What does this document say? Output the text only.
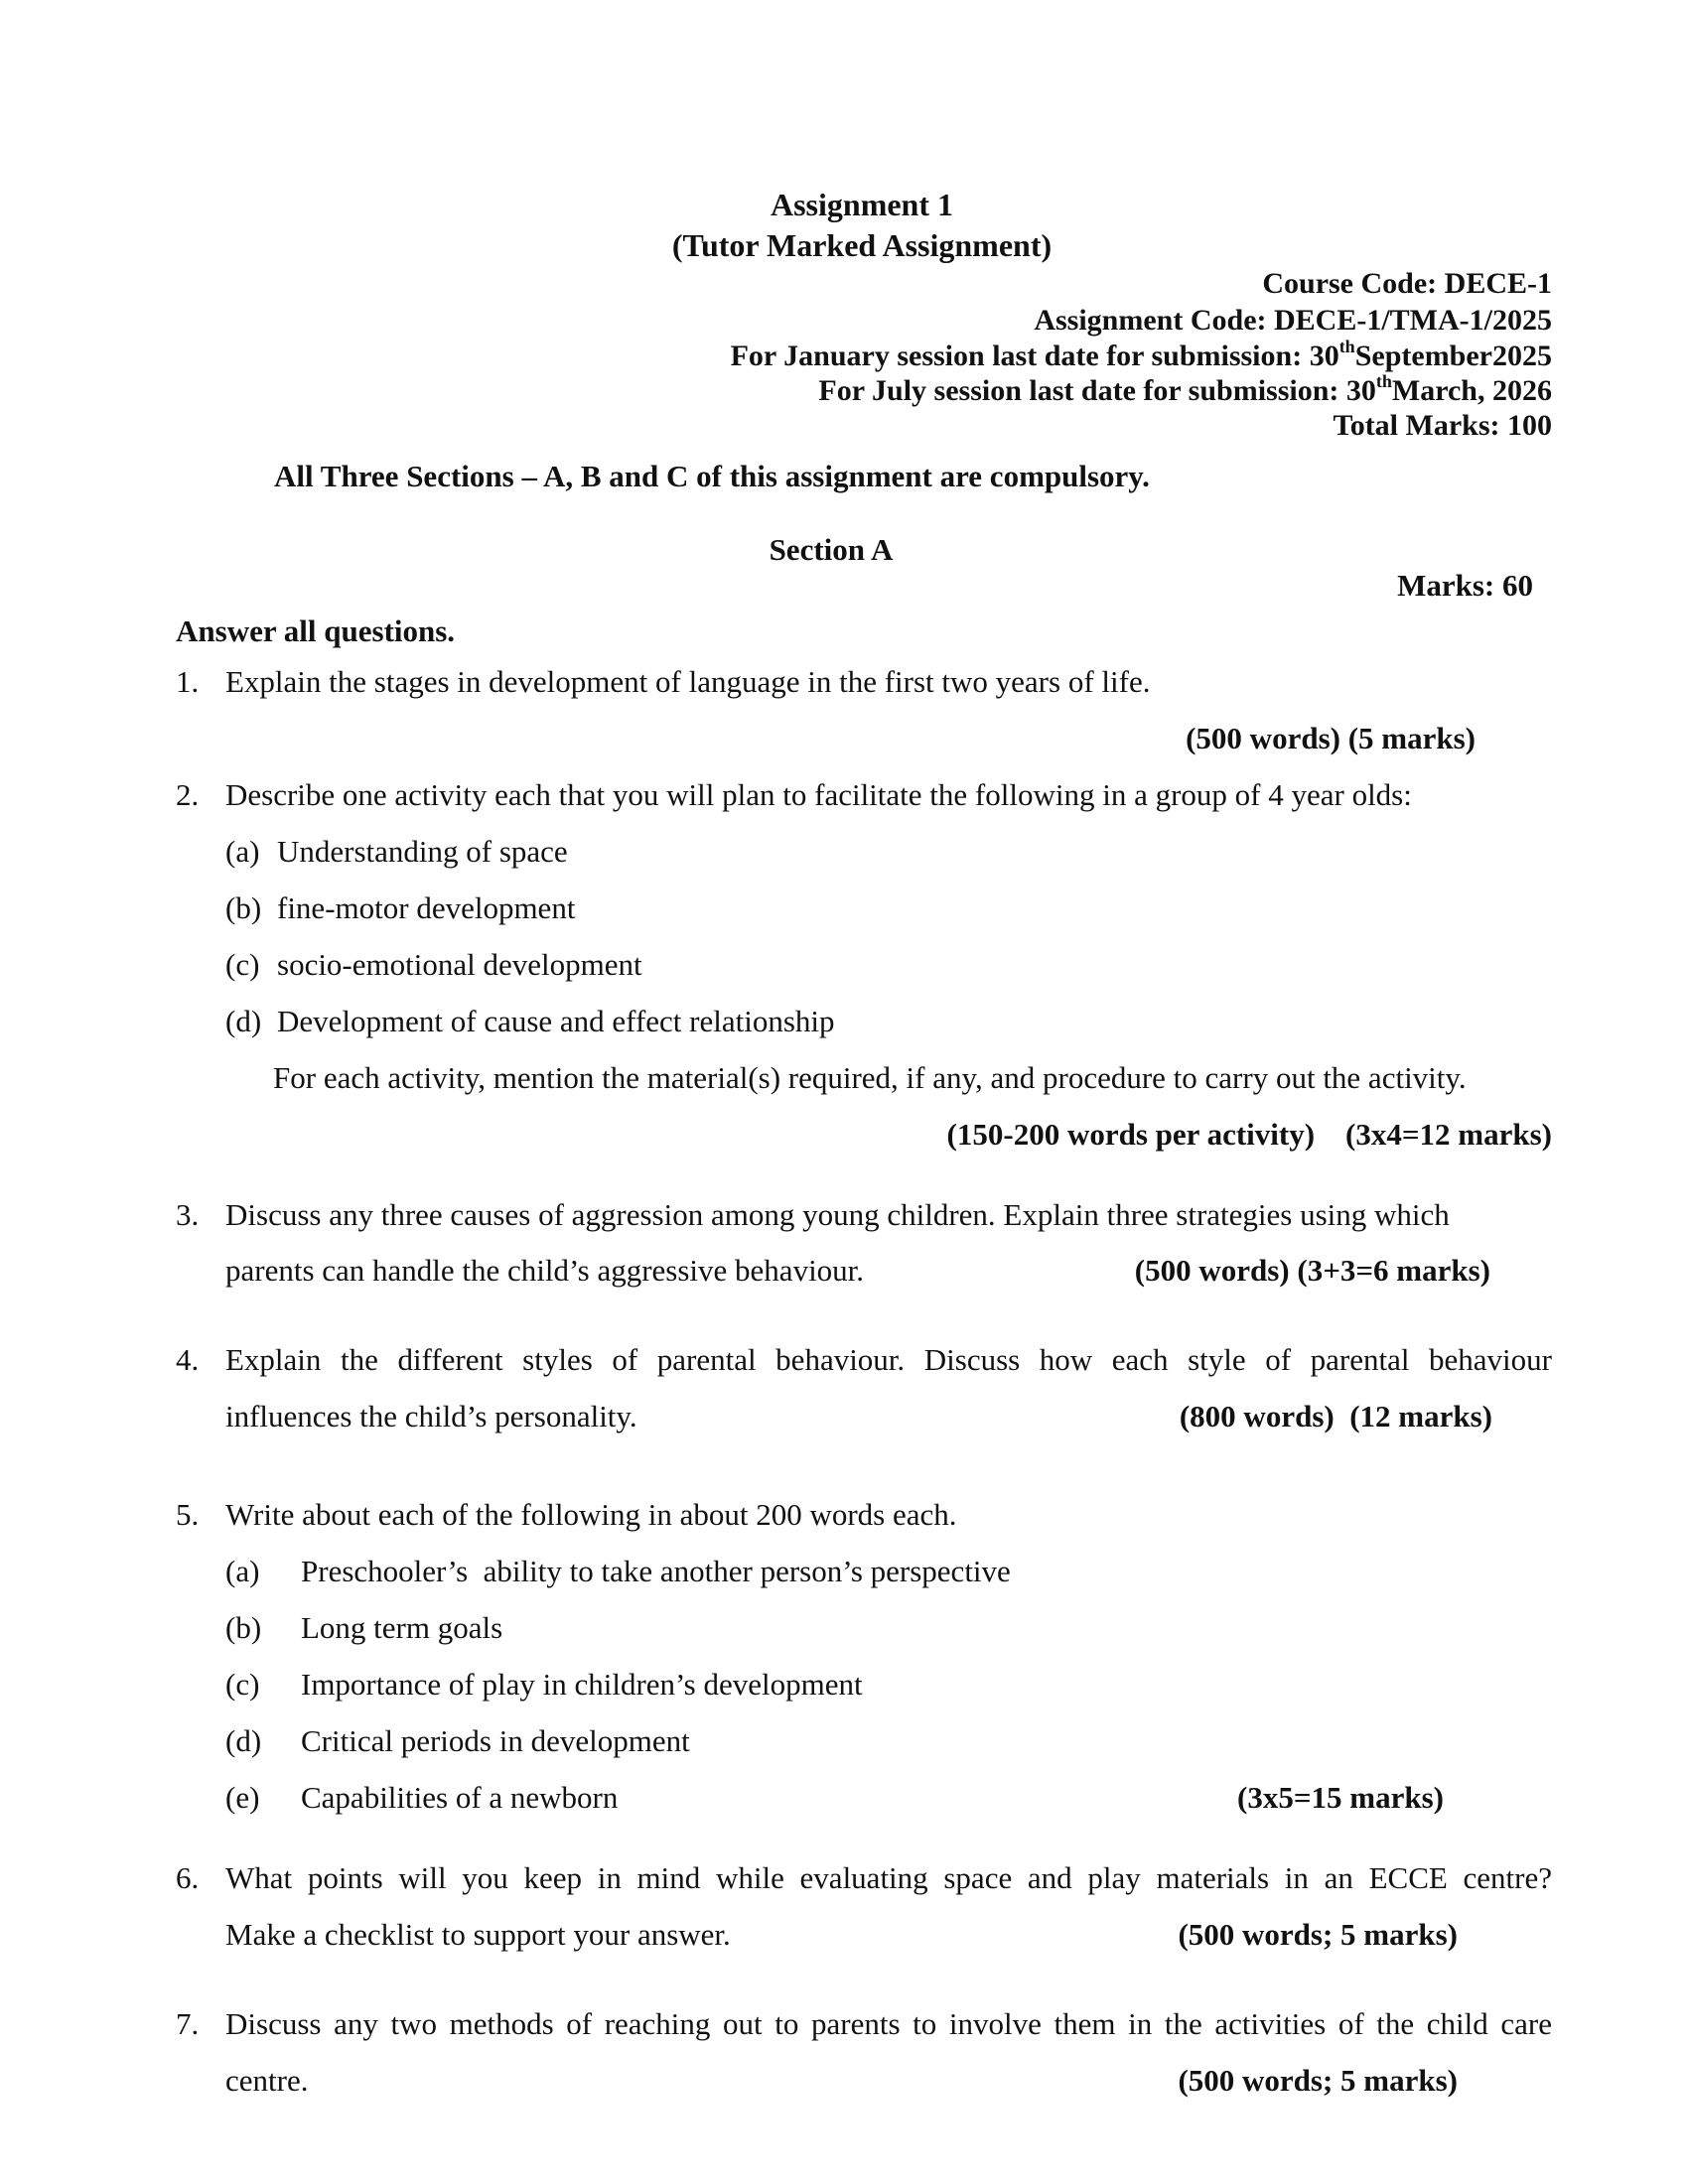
Assignment 1
(Tutor Marked Assignment)
Course Code: DECE-1
Assignment Code: DECE-1/TMA-1/2025
For January session last date for submission: 30thSeptember2025
For July session last date for submission: 30thMarch, 2026
Total Marks: 100
All Three Sections – A, B and C of this assignment are compulsory.
Section A
Marks: 60
Answer all questions.
1. Explain the stages in development of language in the first two years of life.
(500 words) (5 marks)
2. Describe one activity each that you will plan to facilitate the following in a group of 4 year olds:
(a) Understanding of space
(b) fine-motor development
(c) socio-emotional development
(d) Development of cause and effect relationship
For each activity, mention the material(s) required, if any, and procedure to carry out the activity.
(150-200 words per activity)    (3x4=12 marks)
3. Discuss any three causes of aggression among young children. Explain three strategies using which
parents can handle the child’s aggressive behaviour.	(500 words) (3+3=6 marks)
4. Explain the different styles of parental behaviour. Discuss how each style of parental behaviour
influences the child’s personality.	(800 words)  (12 marks)
5. Write about each of the following in about 200 words each.
(a) Preschooler’s  ability to take another person’s perspective
(b) Long term goals
(c) Importance of play in children’s development
(d) Critical periods in development
(e) Capabilities of a newborn	(3x5=15 marks)
6. What points will you keep in mind while evaluating space and play materials in an ECCE centre?
Make a checklist to support your answer.	(500 words; 5 marks)
7. Discuss any two methods of reaching out to parents to involve them in the activities of the child care
centre.	(500 words; 5 marks)
